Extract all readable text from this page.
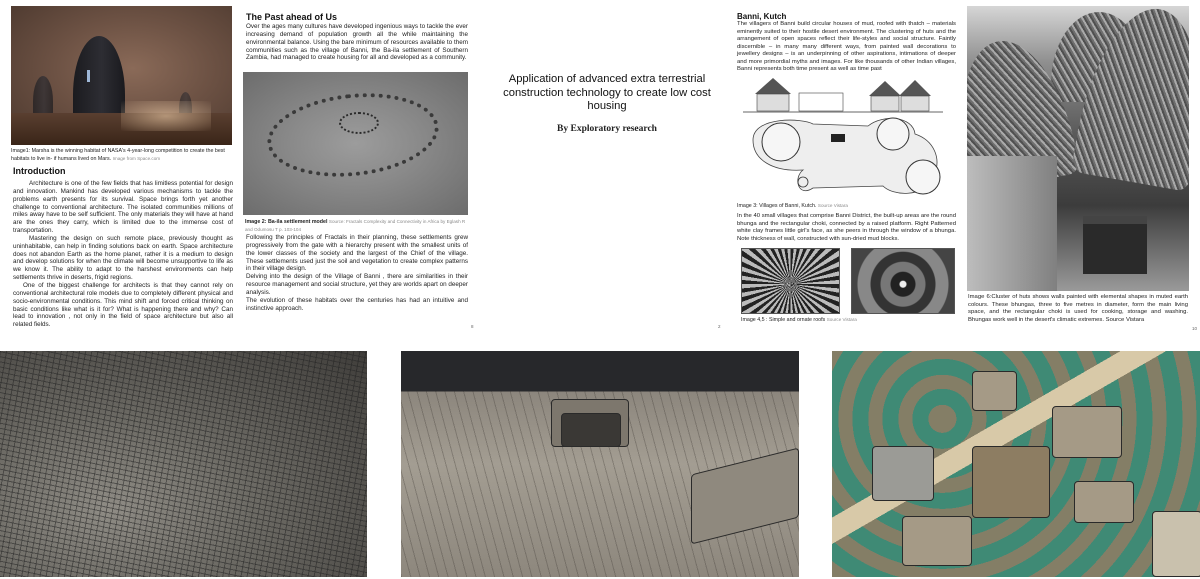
Image1: Marsha is the winning habitat of NASA's 4-year-long competition to create the best habitats to live in- if humans lived on Mars. Image from Space.com
Introduction

Architecture is one of the few fields that has limitless potential for design and innovation. Mankind has developed various mechanisms to tackle the problems earth presents for its survival. Space brings forth yet another challenge to conventional architecture. The isolated communities millions of miles away have to be self sufficient. The only materials they will have at hand are the ones they carry, which is limited due to the immense cost of transportation.

Mastering the design on such remote place, previously thought as uninhabitable, can help in finding solutions back on earth. Space architecture does not abandon Earth as the home planet, rather it is a medium to design and develop solutions for when the climate will become unsupportive to life as we know it. The ability to adapt to the harshest environments can help settlements thrive in deserts, frigid regions.

One of the biggest challenge for architects is that they cannot rely on conventional architectural role models due to completely different physical and socio-environmental conditions. This mind shift and forced critical thinking on basic conditions like what is it for? What is happening there and why? Can lead to innovation , not only in the field of space architecture but also all related fields.

The Past ahead of Us
Over the ages many cultures have developed ingenious ways to tackle the ever increasing demand of population growth all the while maintaining the environmental balance. Using the bare minimum of resources available to them communities such as the village of Banni, the Ba-ila settlement of Southern Zambia, had managed to create housing for all and developed as a community.
Image 2: Ba-ila settlement model Source: Fractals Complexity and Connectivity in Africa by Eglash R and Odumosu T p. 103-104

Following the principles of Fractals in their planning, these settlements grew progressively from the gate with a hierarchy present with the smallest units of the lower classes of the society and the largest of the Chief of the village. These settlements used just the soil and vegetation to create complex patterns in their village design.

Delving into the design of the Village of Banni , there are similarities in their resource management and social structure, yet they are worlds apart on deeper analysis.

The evolution of these habitats over the centuries has had an intuitive and instinctive approach.

8
Application of advanced extra terrestrial construction technology to create low cost housing
By Exploratory research
2
Banni, Kutch
The villagers of Banni build circular houses of mud, roofed with thatch – materials eminently suited to their hostile desert environment. The clustering of huts and the arrangement of open spaces reflect their life-styles and social structure. Faintly discernible – in many many different ways, from painted wall decorations to jewellery designs – is an underpinning of other aspirations, intimations of deeper and more primordial myths and images. For like thousands of other Indian villages, Banni represents both time present as well as time past
Image 3: Villages of Banni, Kutch. Source Vistara
In the 40 small villages that comprise Banni District, the built-up areas are the round bhunga and the rectangular choki, connected by a raised platform. Right Patterned white clay frames little girl's face, as she peers in through the window of a bhunga. Note thickness of wall, constructed with sun-dried mud blocks.
Image 4,5 : Simple and ornate roofs Source Vistara
Image 6:Cluster of huts shows walls painted with elemental shapes in muted earth colours. These bhungas, three to five metres in diameter, form the main living space, and the rectangular choki is used for cooking, storage and washing. Bhungas work well in the desert's climatic extremes. Source Vistara
10
